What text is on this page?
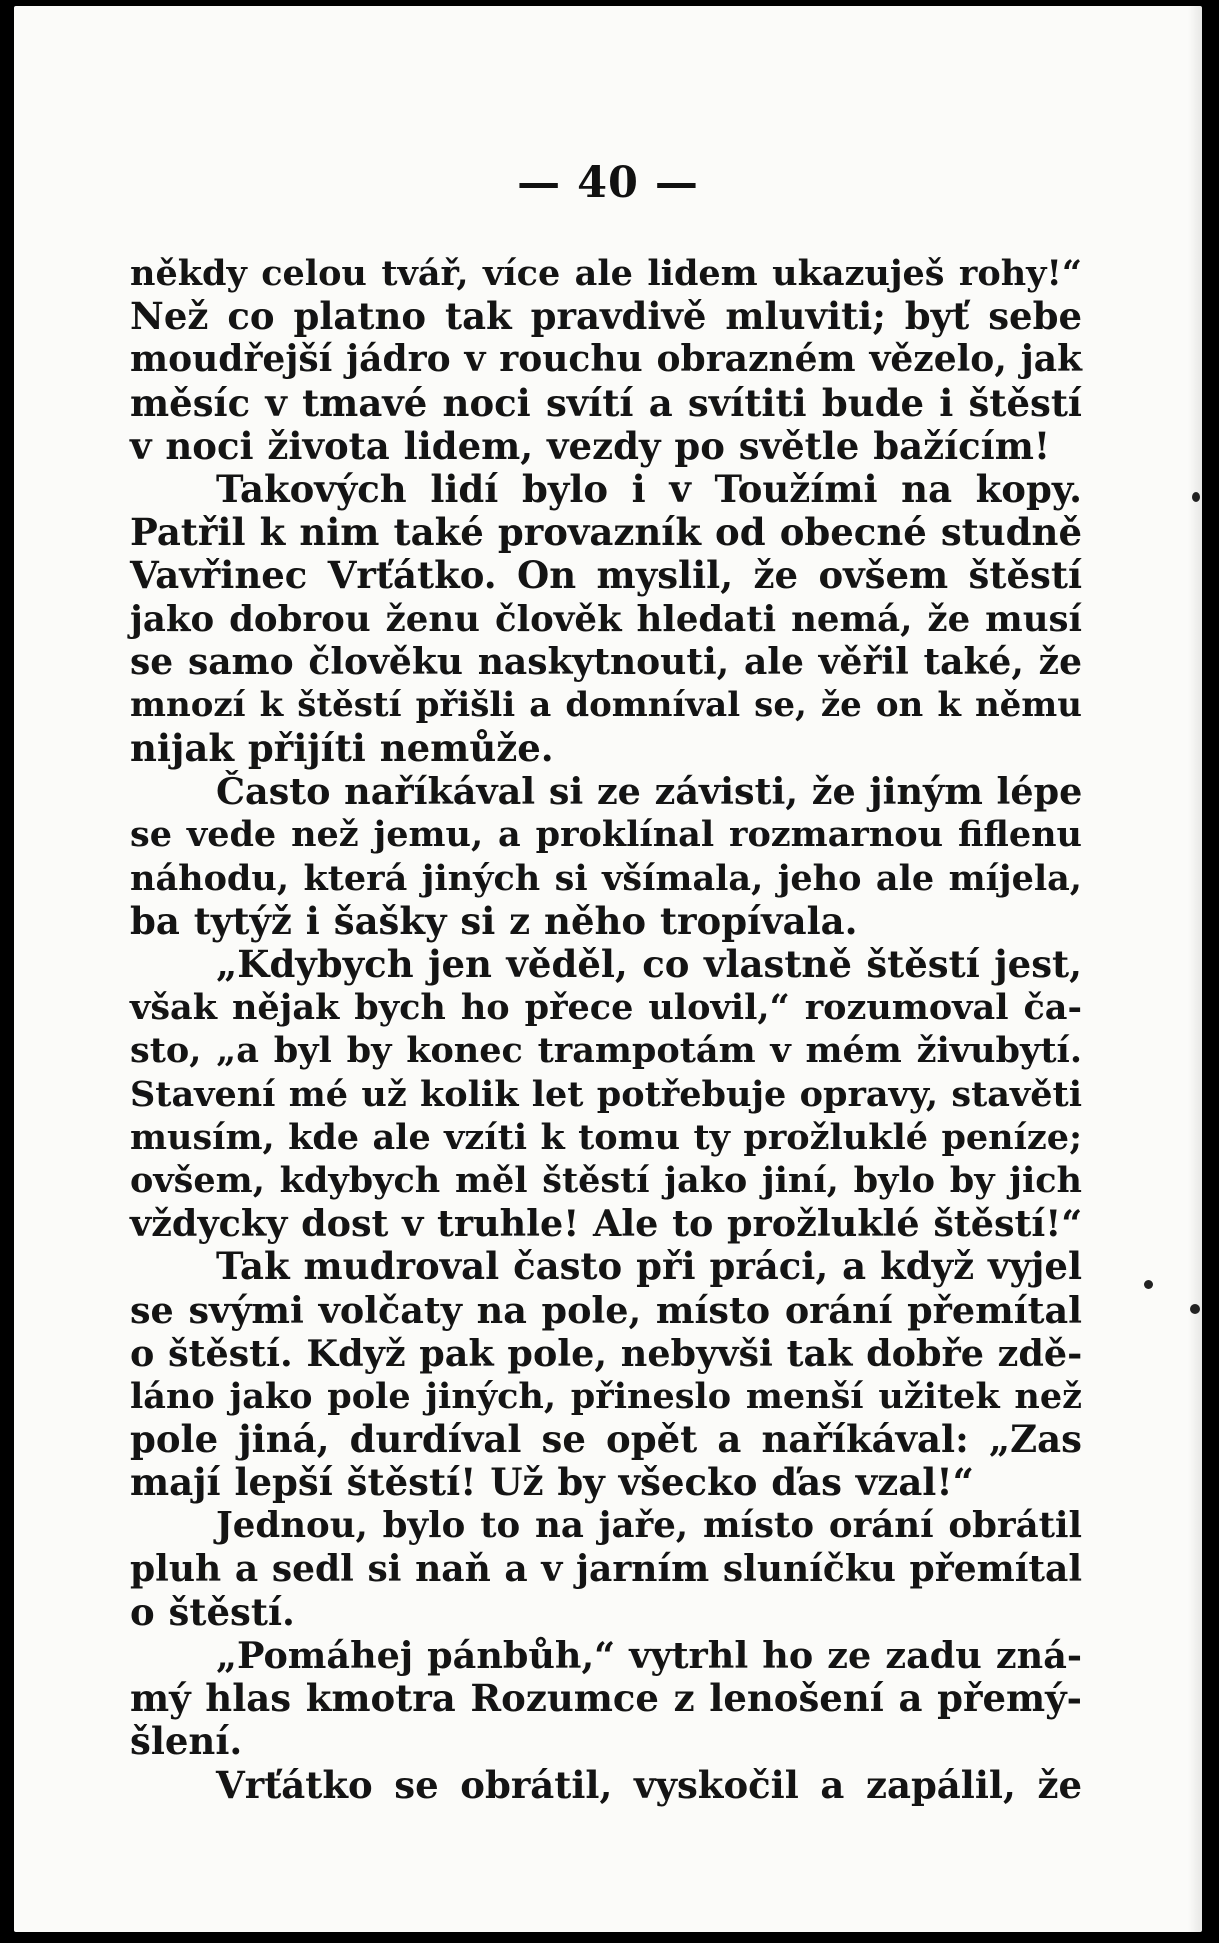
— 40 —
někdy celou tvář, více ale lidem ukazuješ rohy!“
Než co platno tak pravdivě mluviti; byť sebe
moudřejší jádro v rouchu obrazném vězelo, jak
měsíc v tmavé noci svítí a svítiti bude i štěstí
v noci života lidem, vezdy po světle bažícím!
Takových lidí bylo i v Toužími na kopy.
Patřil k nim také provazník od obecné studně
Vavřinec Vrťátko. On myslil, že ovšem štěstí
jako dobrou ženu člověk hledati nemá, že musí
se samo člověku naskytnouti, ale věřil také, že
mnozí k štěstí přišli a domníval se, že on k němu
nijak přijíti nemůže.
Často naříkával si ze závisti, že jiným lépe
se vede než jemu, a proklínal rozmarnou fiflenu
náhodu, která jiných si všímala, jeho ale míjela,
ba tytýž i šašky si z něho tropívala.
„Kdybych jen věděl, co vlastně štěstí jest,
však nějak bych ho přece ulovil,“ rozumoval ča-
sto, „a byl by konec trampotám v mém živubytí.
Stavení mé už kolik let potřebuje opravy, stavěti
musím, kde ale vzíti k tomu ty prožluklé peníze;
ovšem, kdybych měl štěstí jako jiní, bylo by jich
vždycky dost v truhle! Ale to prožluklé štěstí!“
Tak mudroval často při práci, a když vyjel
se svými volčaty na pole, místo orání přemítal
o štěstí. Když pak pole, nebyvši tak dobře zdě-
láno jako pole jiných, přineslo menší užitek než
pole jiná, durdíval se opět a naříkával: „Zas
mají lepší štěstí! Už by všecko ďas vzal!“
Jednou, bylo to na jaře, místo orání obrátil
pluh a sedl si naň a v jarním sluníčku přemítal
o štěstí.
„Pomáhej pánbůh,“ vytrhl ho ze zadu zná-
mý hlas kmotra Rozumce z lenošení a přemý-
šlení.
Vrťátko se obrátil, vyskočil a zapálil, že
